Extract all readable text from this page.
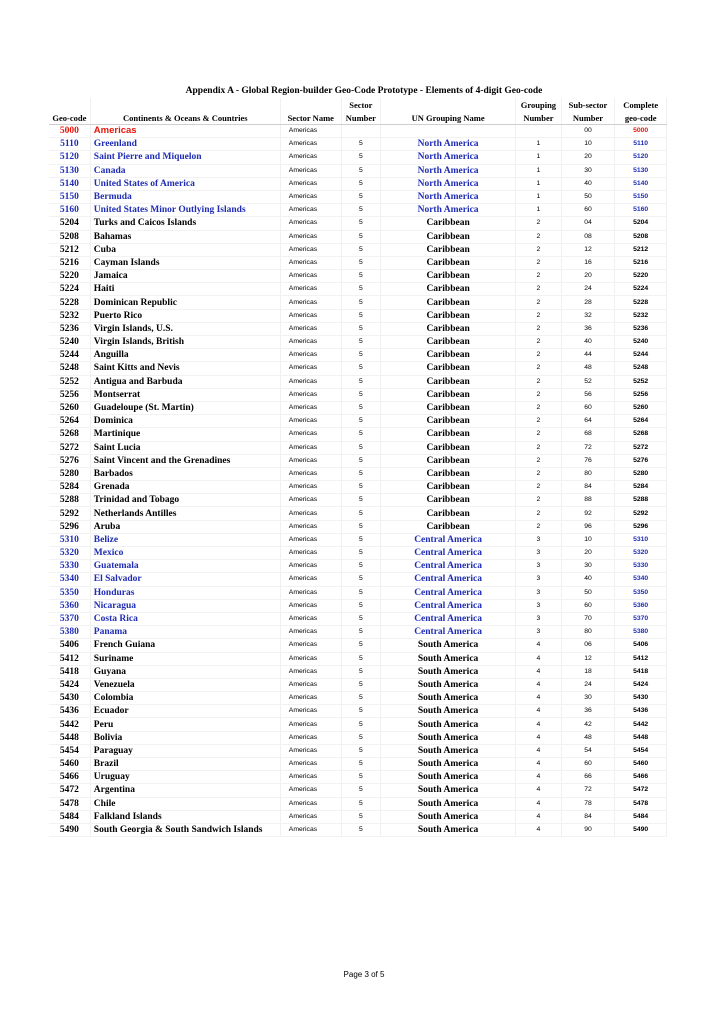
Appendix A - Global Region-builder Geo-Code Prototype - Elements of 4-digit Geo-code
			Sector		Grouping	Sub-sector	Complete
Geo-code	Continents & Oceans & Countries	Sector Name	Number	UN Grouping Name	Number	Number	geo-code
5000	Americas	Americas				00	5000
5110	Greenland	Americas	5	North America	1	10	5110
5120	Saint Pierre and Miquelon	Americas	5	North America	1	20	5120
5130	Canada	Americas	5	North America	1	30	5130
5140	United States of America	Americas	5	North America	1	40	5140
5150	Bermuda	Americas	5	North America	1	50	5150
5160	United States Minor Outlying Islands	Americas	5	North America	1	60	5160
5204	Turks and Caicos Islands	Americas	5	Caribbean	2	04	5204
5208	Bahamas	Americas	5	Caribbean	2	08	5208
5212	Cuba	Americas	5	Caribbean	2	12	5212
5216	Cayman Islands	Americas	5	Caribbean	2	16	5216
5220	Jamaica	Americas	5	Caribbean	2	20	5220
5224	Haiti	Americas	5	Caribbean	2	24	5224
5228	Dominican Republic	Americas	5	Caribbean	2	28	5228
5232	Puerto Rico	Americas	5	Caribbean	2	32	5232
5236	Virgin Islands, U.S.	Americas	5	Caribbean	2	36	5236
5240	Virgin Islands, British	Americas	5	Caribbean	2	40	5240
5244	Anguilla	Americas	5	Caribbean	2	44	5244
5248	Saint Kitts and Nevis	Americas	5	Caribbean	2	48	5248
5252	Antigua and Barbuda	Americas	5	Caribbean	2	52	5252
5256	Montserrat	Americas	5	Caribbean	2	56	5256
5260	Guadeloupe (St. Martin)	Americas	5	Caribbean	2	60	5260
5264	Dominica	Americas	5	Caribbean	2	64	5264
5268	Martinique	Americas	5	Caribbean	2	68	5268
5272	Saint Lucia	Americas	5	Caribbean	2	72	5272
5276	Saint Vincent and the Grenadines	Americas	5	Caribbean	2	76	5276
5280	Barbados	Americas	5	Caribbean	2	80	5280
5284	Grenada	Americas	5	Caribbean	2	84	5284
5288	Trinidad and Tobago	Americas	5	Caribbean	2	88	5288
5292	Netherlands Antilles	Americas	5	Caribbean	2	92	5292
5296	Aruba	Americas	5	Caribbean	2	96	5296
5310	Belize	Americas	5	Central America	3	10	5310
5320	Mexico	Americas	5	Central America	3	20	5320
5330	Guatemala	Americas	5	Central America	3	30	5330
5340	El Salvador	Americas	5	Central America	3	40	5340
5350	Honduras	Americas	5	Central America	3	50	5350
5360	Nicaragua	Americas	5	Central America	3	60	5360
5370	Costa Rica	Americas	5	Central America	3	70	5370
5380	Panama	Americas	5	Central America	3	80	5380
5406	French Guiana	Americas	5	South America	4	06	5406
5412	Suriname	Americas	5	South America	4	12	5412
5418	Guyana	Americas	5	South America	4	18	5418
5424	Venezuela	Americas	5	South America	4	24	5424
5430	Colombia	Americas	5	South America	4	30	5430
5436	Ecuador	Americas	5	South America	4	36	5436
5442	Peru	Americas	5	South America	4	42	5442
5448	Bolivia	Americas	5	South America	4	48	5448
5454	Paraguay	Americas	5	South America	4	54	5454
5460	Brazil	Americas	5	South America	4	60	5460
5466	Uruguay	Americas	5	South America	4	66	5466
5472	Argentina	Americas	5	South America	4	72	5472
5478	Chile	Americas	5	South America	4	78	5478
5484	Falkland Islands	Americas	5	South America	4	84	5484
5490	South Georgia & South Sandwich Islands	Americas	5	South America	4	90	5490
Page 3 of 5
